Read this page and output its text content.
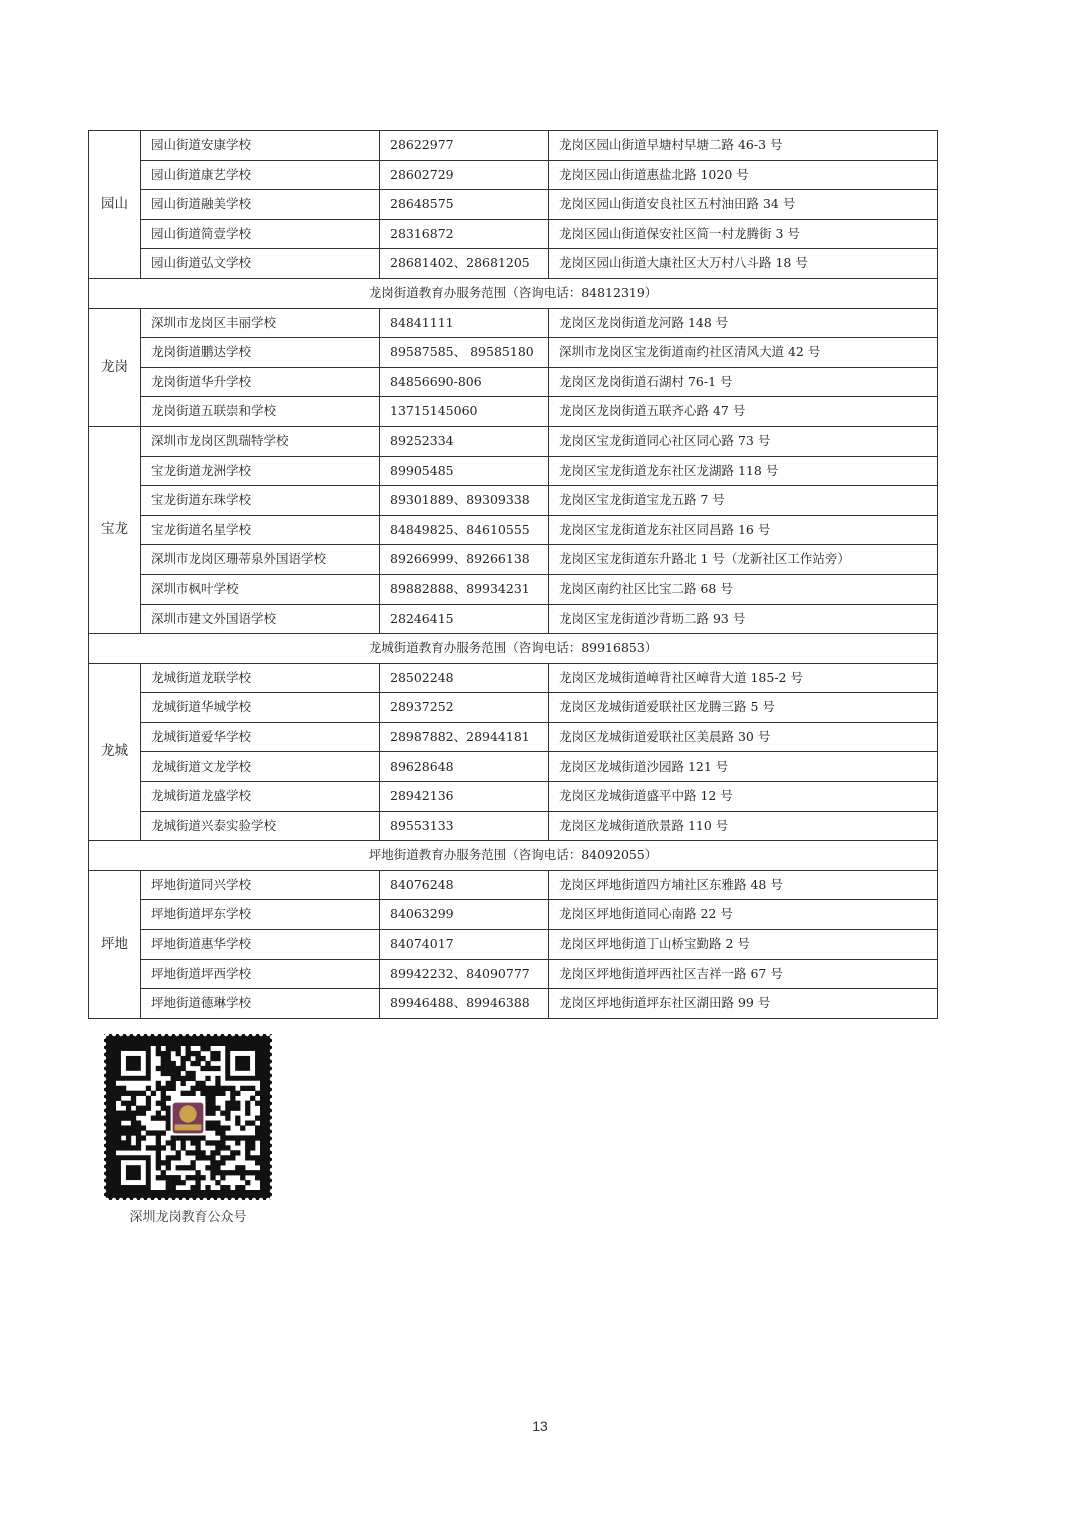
园山	园山街道安康学校	28622977	龙岗区园山街道早塘村早塘二路 46-3 号
	园山街道康艺学校	28602729	龙岗区园山街道惠盐北路 1020 号
	园山街道融美学校	28648575	龙岗区园山街道安良社区五村油田路 34 号
	园山街道简壹学校	28316872	龙岗区园山街道保安社区简一村龙腾街 3 号
	园山街道弘文学校	28681402、28681205	龙岗区园山街道大康社区大万村八斗路 18 号
龙岗街道教育办服务范围（咨询电话：84812319）			
龙岗	深圳市龙岗区丰丽学校	84841111	龙岗区龙岗街道龙河路 148 号
	龙岗街道鹏达学校	89587585、 89585180	深圳市龙岗区宝龙街道南约社区清风大道 42 号
	龙岗街道华升学校	84856690-806	龙岗区龙岗街道石湖村 76-1 号
	龙岗街道五联崇和学校	13715145060	龙岗区龙岗街道五联齐心路 47 号
宝龙	深圳市龙岗区凯瑞特学校	89252334	龙岗区宝龙街道同心社区同心路 73 号
	宝龙街道龙洲学校	89905485	龙岗区宝龙街道龙东社区龙湖路 118 号
	宝龙街道东珠学校	89301889、89309338	龙岗区宝龙街道宝龙五路 7 号
	宝龙街道名星学校	84849825、84610555	龙岗区宝龙街道龙东社区同昌路 16 号
	深圳市龙岗区珊蒂泉外国语学校	89266999、89266138	龙岗区宝龙街道东升路北 1 号（龙新社区工作站旁）
	深圳市枫叶学校	89882888、89934231	龙岗区南约社区比宝二路 68 号
	深圳市建文外国语学校	28246415	龙岗区宝龙街道沙背坜二路 93 号
龙城街道教育办服务范围（咨询电话：89916853）			
龙城	龙城街道龙联学校	28502248	龙岗区龙城街道嶂背社区嶂背大道 185-2 号
	龙城街道华城学校	28937252	龙岗区龙城街道爱联社区龙腾三路 5 号
	龙城街道爱华学校	28987882、28944181	龙岗区龙城街道爱联社区美晨路 30 号
	龙城街道文龙学校	89628648	龙岗区龙城街道沙园路 121 号
	龙城街道龙盛学校	28942136	龙岗区龙城街道盛平中路 12 号
	龙城街道兴泰实验学校	89553133	龙岗区龙城街道欣景路 110 号
坪地街道教育办服务范围（咨询电话：84092055）			
坪地	坪地街道同兴学校	84076248	龙岗区坪地街道四方埔社区东雅路 48 号
	坪地街道坪东学校	84063299	龙岗区坪地街道同心南路 22 号
	坪地街道惠华学校	84074017	龙岗区坪地街道丁山桥宝勤路 2 号
	坪地街道坪西学校	89942232、84090777	龙岗区坪地街道坪西社区吉祥一路 67 号
	坪地街道德琳学校	89946488、89946388	龙岗区坪地街道坪东社区湖田路 99 号
深圳龙岗教育公众号
13
